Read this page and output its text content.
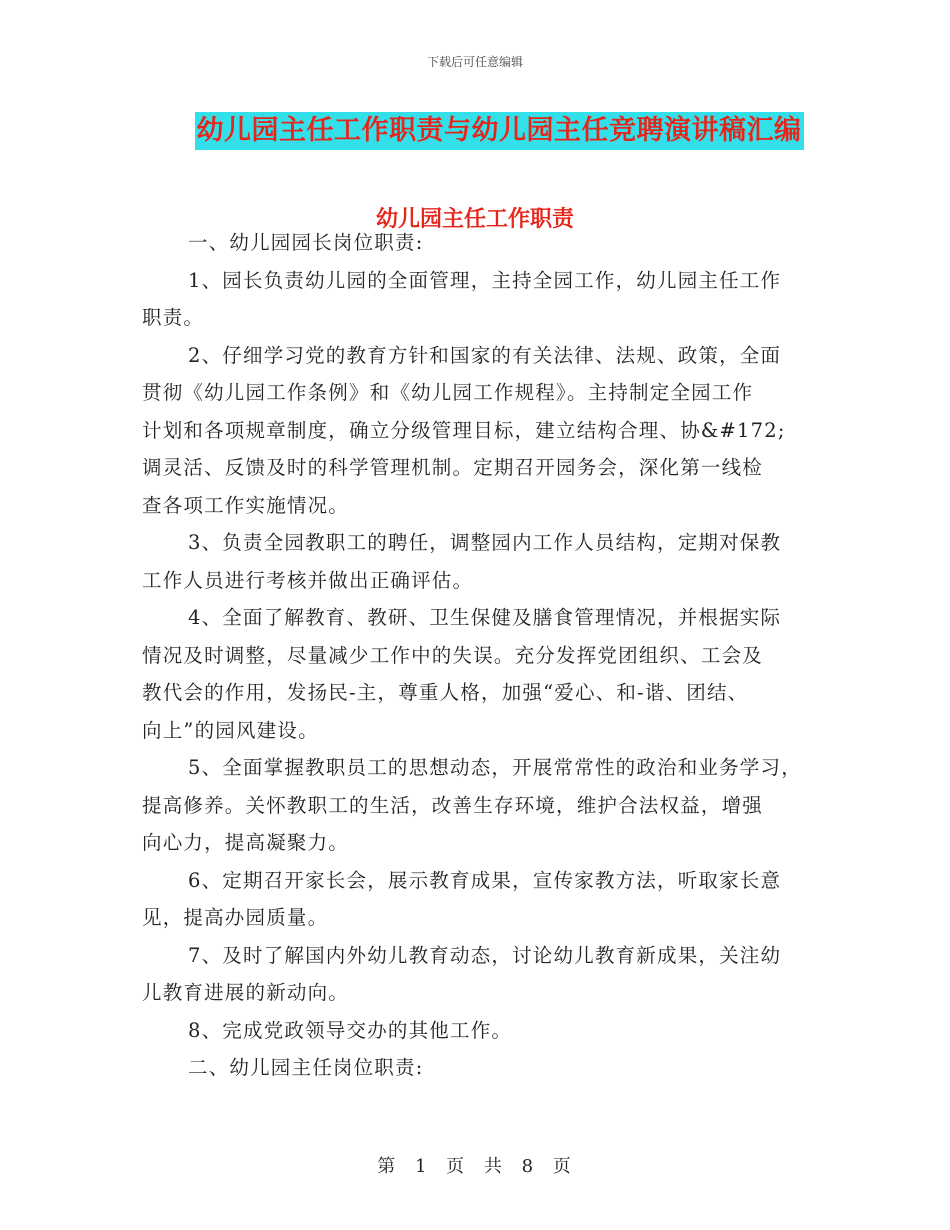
下载后可任意编辑
幼儿园主任工作职责与幼儿园主任竞聘演讲稿汇编
幼儿园主任工作职责
一、幼儿园园长岗位职责:
1、园长负责幼儿园的全面管理，主持全园工作，幼儿园主任工作
职责。
2、仔细学习党的教育方针和国家的有关法律、法规、政策，全面
贯彻《幼儿园工作条例》和《幼儿园工作规程》。主持制定全园工作
计划和各项规章制度，确立分级管理目标，建立结构合理、协&#172;
调灵活、反馈及时的科学管理机制。定期召开园务会，深化第一线检
查各项工作实施情况。
3、负责全园教职工的聘任，调整园内工作人员结构，定期对保教
工作人员进行考核并做出正确评估。
4、全面了解教育、教研、卫生保健及膳食管理情况，并根据实际
情况及时调整，尽量减少工作中的失误。充分发挥党团组织、工会及
教代会的作用，发扬民-主，尊重人格，加强“爱心、和-谐、团结、
向上”的园风建设。
5、全面掌握教职员工的思想动态，开展常常性的政治和业务学习，
提高修养。关怀教职工的生活，改善生存环境，维护合法权益，增强
向心力，提高凝聚力。
6、定期召开家长会，展示教育成果，宣传家教方法，听取家长意
见，提高办园质量。
7、及时了解国内外幼儿教育动态，讨论幼儿教育新成果，关注幼
儿教育进展的新动向。
8、完成党政领导交办的其他工作。
二、幼儿园主任岗位职责:
第 1 页 共 8 页
